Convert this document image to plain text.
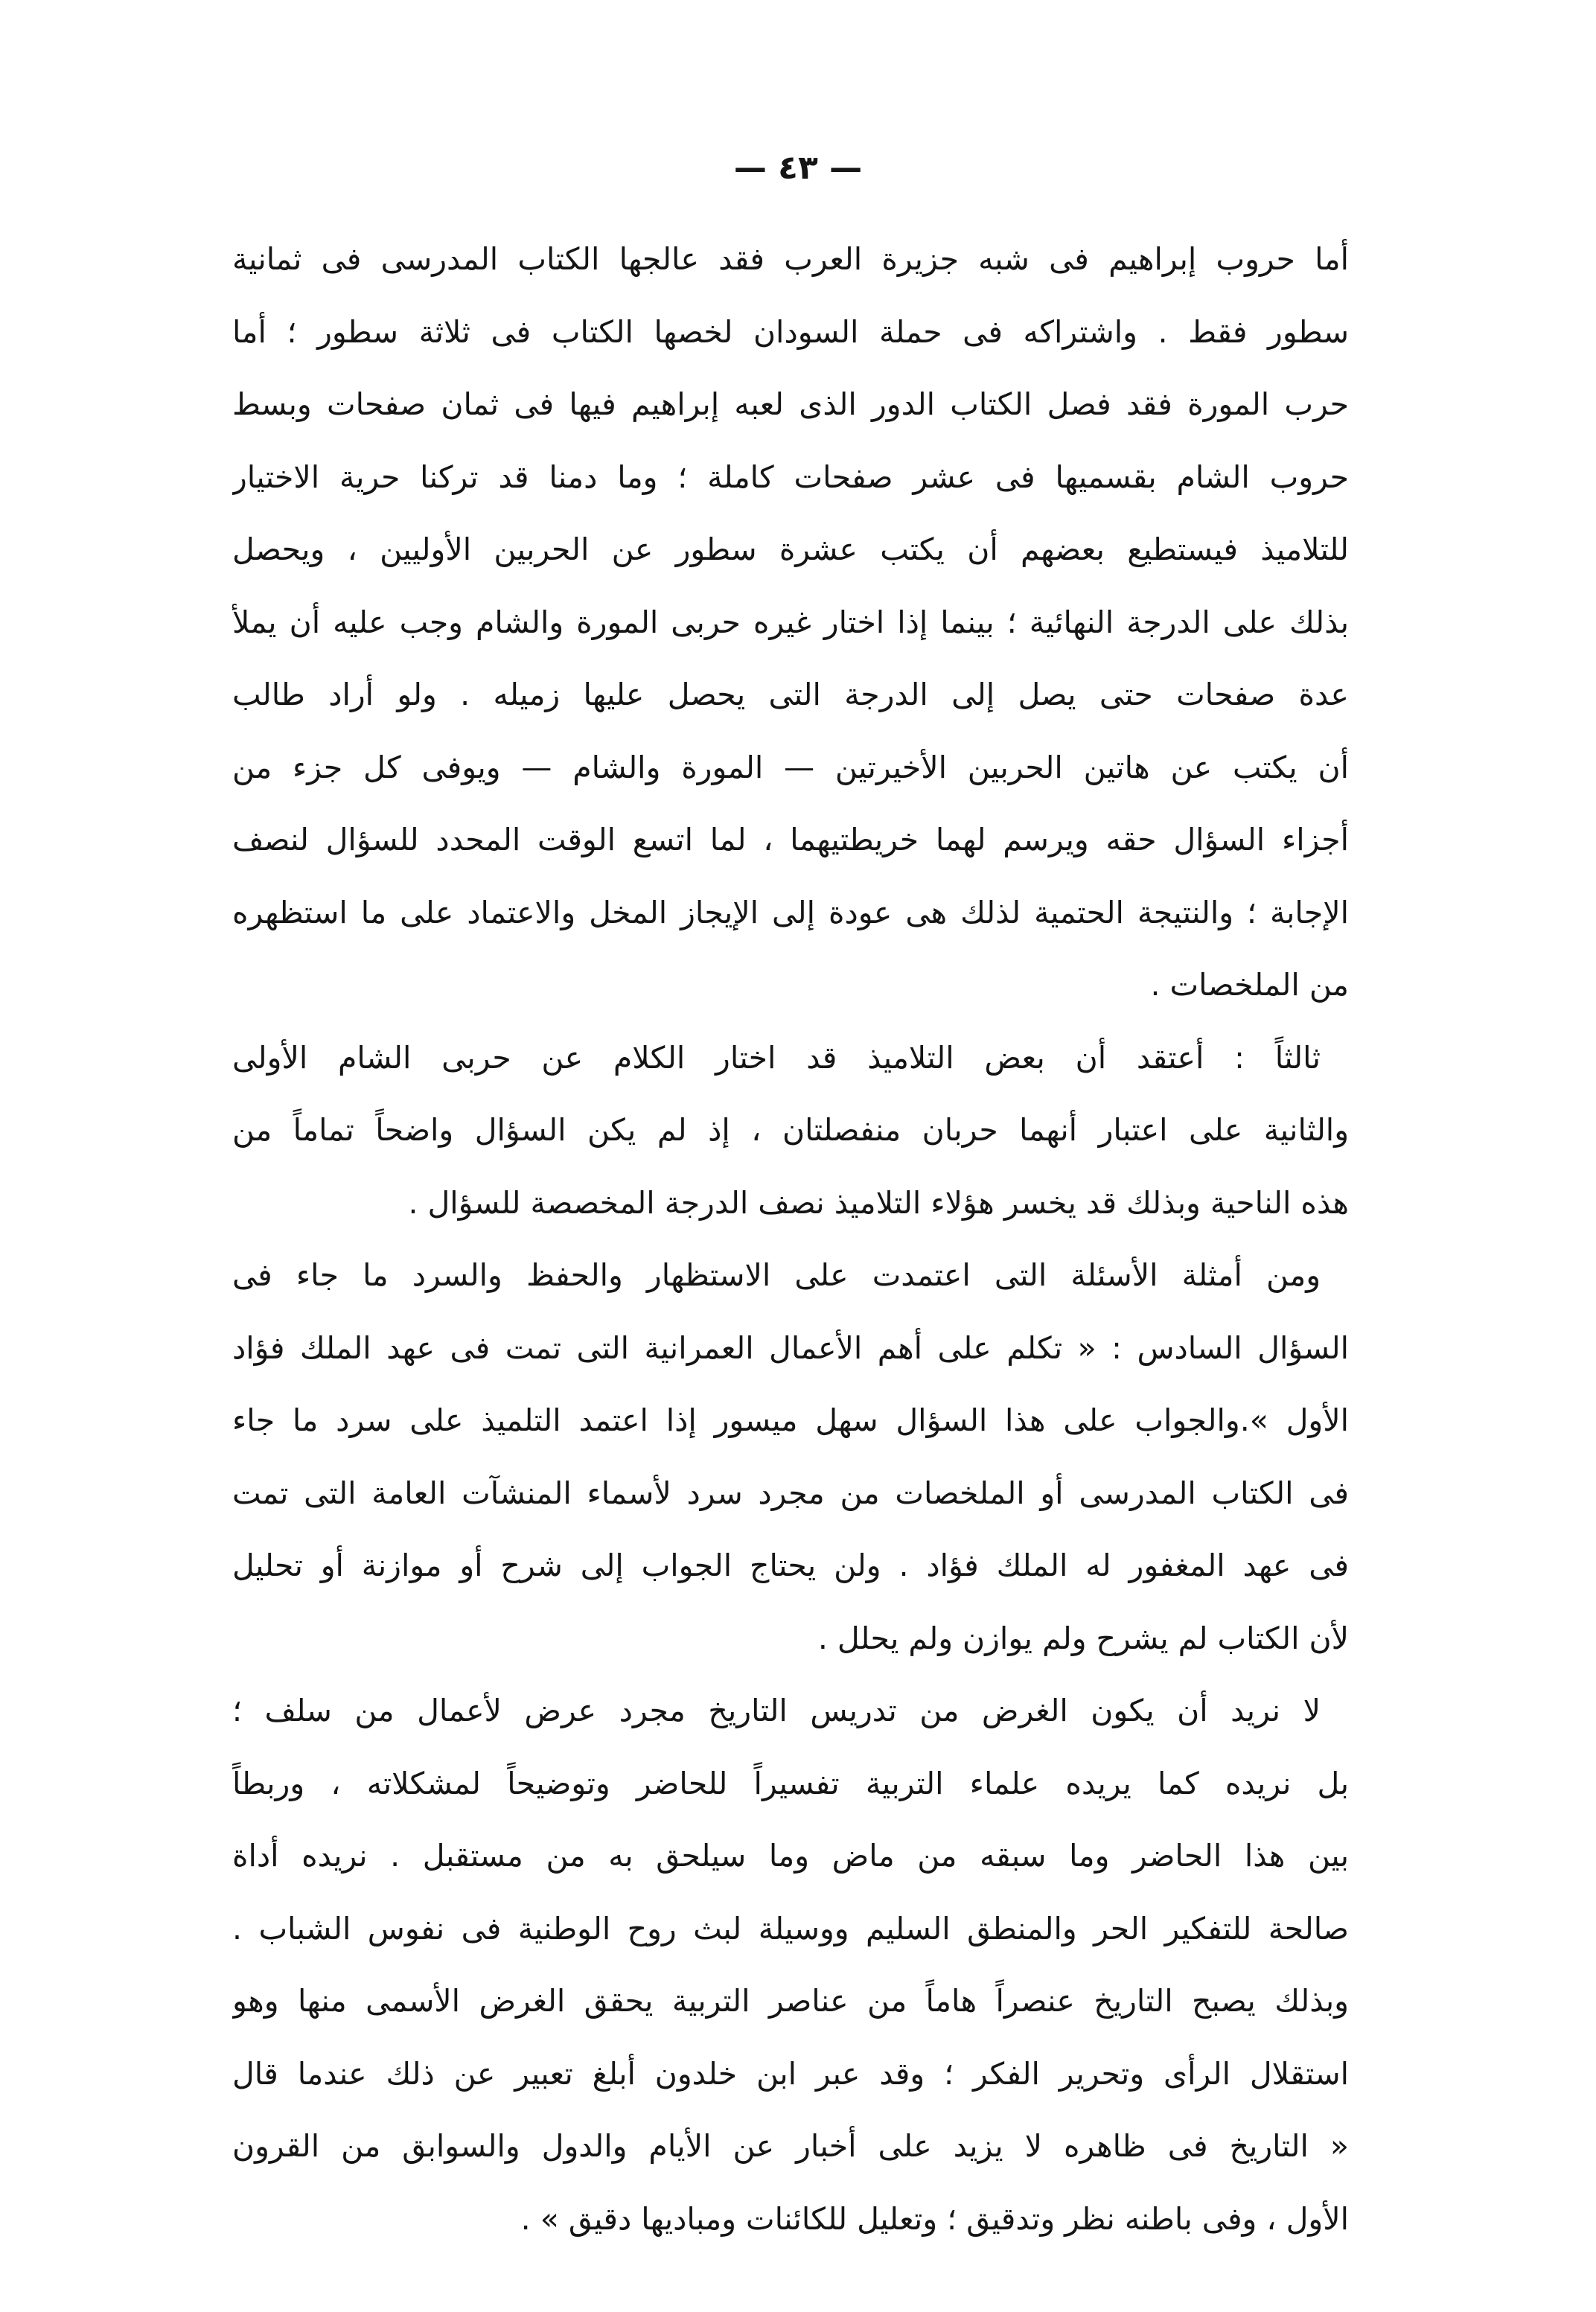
— ٤٣ —

أما حروب إبراهيم فى شبه جزيرة العرب فقد عالجها الكتاب المدرسى فى ثمانية
سطور فقط . واشتراكه فى حملة السودان لخصها الكتاب فى ثلاثة سطور ؛ أما
حرب المورة فقد فصل الكتاب الدور الذى لعبه إبراهيم فيها فى ثمان صفحات وبسط
حروب الشام بقسميها فى عشر صفحات كاملة ؛ وما دمنا قد تركنا حرية الاختيار
للتلاميذ فيستطيع بعضهم أن يكتب عشرة سطور عن الحربين الأوليين ، ويحصل
بذلك على الدرجة النهائية ؛ بينما إذا اختار غيره حربى المورة والشام وجب عليه أن يملأ
عدة صفحات حتى يصل إلى الدرجة التى يحصل عليها زميله . ولو أراد طالب
أن يكتب عن هاتين الحربين الأخيرتين — المورة والشام — ويوفى كل جزء من
أجزاء السؤال حقه ويرسم لهما خريطتيهما ، لما اتسع الوقت المحدد للسؤال لنصف
الإجابة ؛ والنتيجة الحتمية لذلك هى عودة إلى الإيجاز المخل والاعتماد على ما استظهره
من الملخصات .

ثالثاً : أعتقد أن بعض التلاميذ قد اختار الكلام عن حربى الشام الأولى
والثانية على اعتبار أنهما حربان منفصلتان ، إذ لم يكن السؤال واضحاً تماماً من
هذه الناحية وبذلك قد يخسر هؤلاء التلاميذ نصف الدرجة المخصصة للسؤال .

ومن أمثلة الأسئلة التى اعتمدت على الاستظهار والحفظ والسرد ما جاء فى
السؤال السادس : « تكلم على أهم الأعمال العمرانية التى تمت فى عهد الملك فؤاد
الأول ».والجواب على هذا السؤال سهل ميسور إذا اعتمد التلميذ على سرد ما جاء
فى الكتاب المدرسى أو الملخصات من مجرد سرد لأسماء المنشآت العامة التى تمت
فى عهد المغفور له الملك فؤاد . ولن يحتاج الجواب إلى شرح أو موازنة أو تحليل
لأن الكتاب لم يشرح ولم يوازن ولم يحلل .

لا نريد أن يكون الغرض من تدريس التاريخ مجرد عرض لأعمال من سلف ؛
بل نريده كما يريده علماء التربية تفسيراً للحاضر وتوضيحاً لمشكلاته ، وربطاً
بين هذا الحاضر وما سبقه من ماض وما سيلحق به من مستقبل . نريده أداة
صالحة للتفكير الحر والمنطق السليم ووسيلة لبث روح الوطنية فى نفوس الشباب .
وبذلك يصبح التاريخ عنصراً هاماً من عناصر التربية يحقق الغرض الأسمى منها وهو
استقلال الرأى وتحرير الفكر ؛ وقد عبر ابن خلدون أبلغ تعبير عن ذلك عندما قال
« التاريخ فى ظاهره لا يزيد على أخبار عن الأيام والدول والسوابق من القرون
الأول ، وفى باطنه نظر وتدقيق ؛ وتعليل للكائنات ومباديها دقيق » .
